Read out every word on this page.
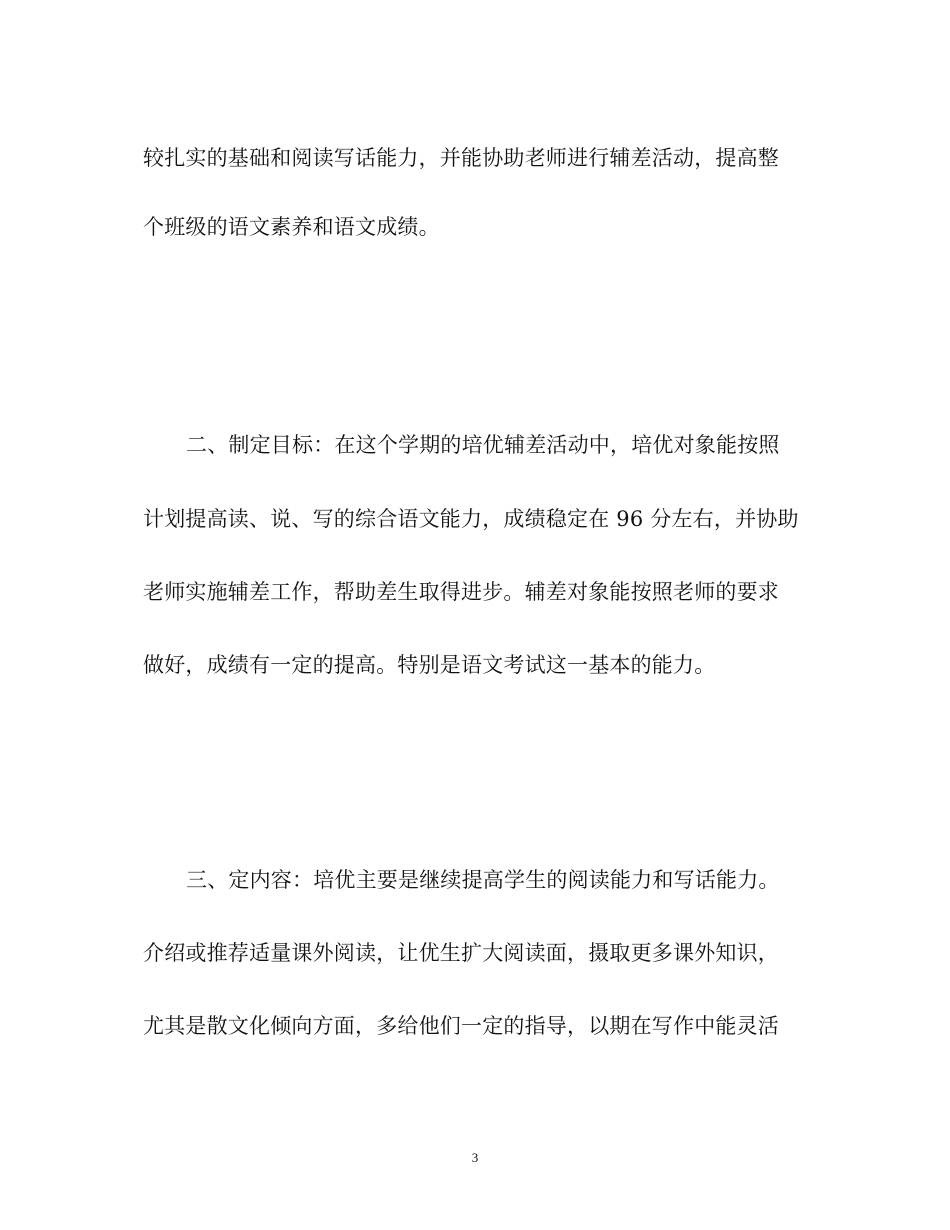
较扎实的基础和阅读写话能力，并能协助老师进行辅差活动，提高整
个班级的语文素养和语文成绩。
二、制定目标：在这个学期的培优辅差活动中，培优对象能按照
计划提高读、说、写的综合语文能力，成绩稳定在 96 分左右，并协助
老师实施辅差工作，帮助差生取得进步。辅差对象能按照老师的要求
做好，成绩有一定的提高。特别是语文考试这一基本的能力。
三、定内容：培优主要是继续提高学生的阅读能力和写话能力。
介绍或推荐适量课外阅读，让优生扩大阅读面，摄取更多课外知识，
尤其是散文化倾向方面，多给他们一定的指导，以期在写作中能灵活
3
